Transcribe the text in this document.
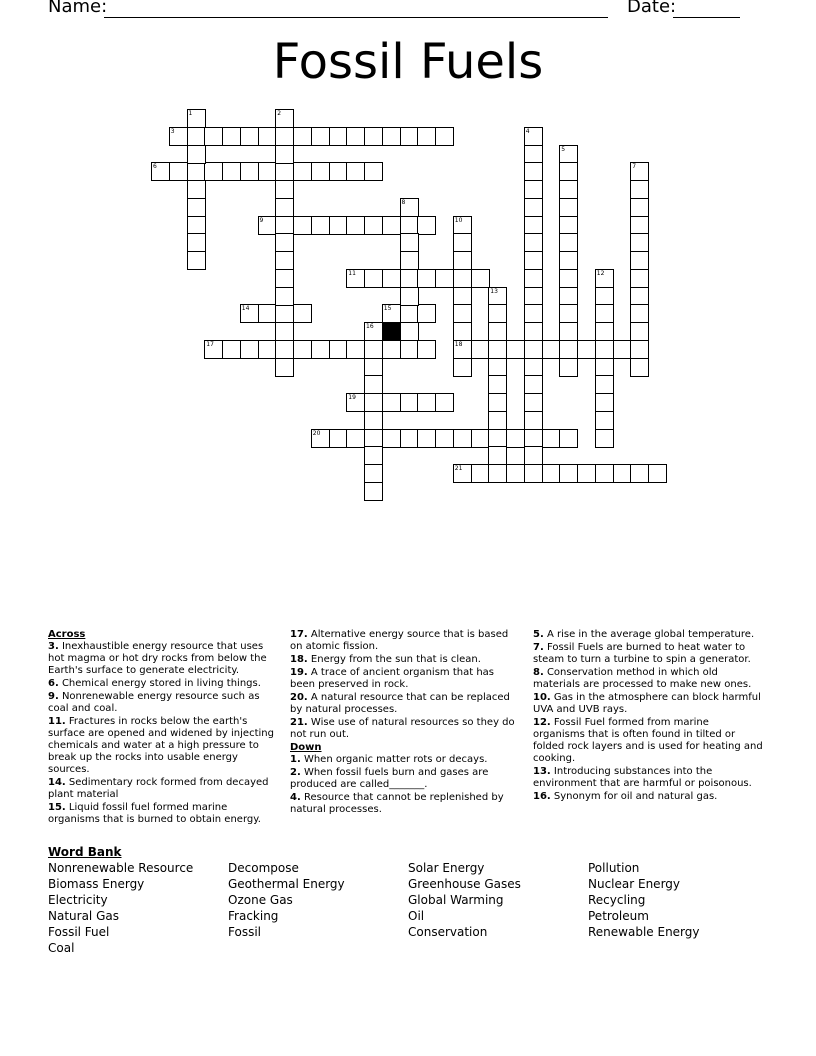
Name:	Date:
Fossil Fuels
3
6
9
11
14	15
17	18
19
20
21
1	2
4
5
7
8
10
12
13
16
Across
3. Inexhaustible energy resource that uses hot magma or hot dry rocks from below the Earth's surface to generate electricity.
6. Chemical energy stored in living things.
9. Nonrenewable energy resource such as coal and coal.
11. Fractures in rocks below the earth's surface are opened and widened by injecting chemicals and water at a high pressure to break up the rocks into usable energy sources.
14. Sedimentary rock formed from decayed plant material
15. Liquid fossil fuel formed marine organisms that is burned to obtain energy.
17. Alternative energy source that is based on atomic fission.
18. Energy from the sun that is clean.
19. A trace of ancient organism that has been preserved in rock.
20. A natural resource that can be replaced by natural processes.
21. Wise use of natural resources so they do not run out.
Down
1. When organic matter rots or decays.
2. When fossil fuels burn and gases are produced are called_______.
4. Resource that cannot be replenished by natural processes.
5. A rise in the average global temperature.
7. Fossil Fuels are burned to heat water to steam to turn a turbine to spin a generator.
8. Conservation method in which old materials are processed to make new ones.
10. Gas in the atmosphere can block harmful UVA and UVB rays.
12. Fossil Fuel formed from marine organisms that is often found in tilted or folded rock layers and is used for heating and cooking.
13. Introducing substances into the environment that are harmful or poisonous.
16. Synonym for oil and natural gas.
Word Bank
Nonrenewable Resource
Biomass Energy
Electricity
Natural Gas
Fossil Fuel
Coal
Decompose
Geothermal Energy
Ozone Gas
Fracking
Fossil
Solar Energy
Greenhouse Gases
Global Warming
Oil
Conservation
Pollution
Nuclear Energy
Recycling
Petroleum
Renewable Energy
